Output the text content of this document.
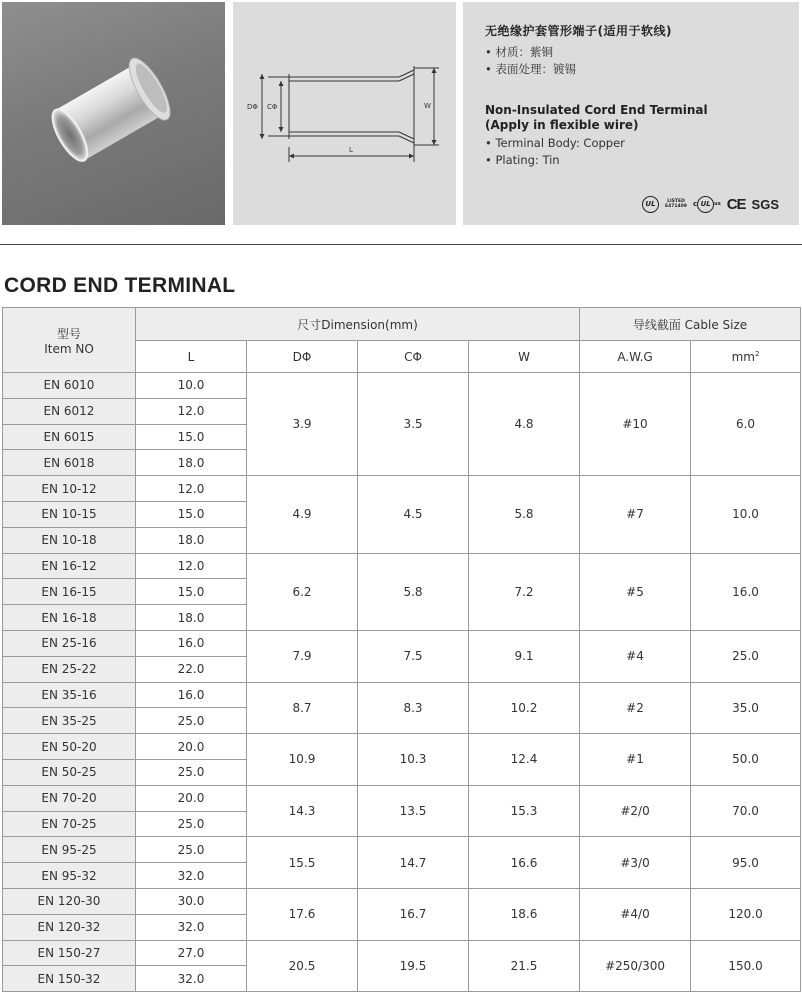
DΦ CΦ	W
L
无绝缘护套管形端子(适用于软线)
• 材质：紫铜
• 表面处理：镀锡
Non-Insulated Cord End Terminal
(Apply in flexible wire)
• Terminal Body: Copper
• Plating: Tin
UL	LISTED
E471409 c UL us CE SGS
CORD END TERMINAL
型号
Item NO	尺寸Dimension(mm)				导线截面 Cable Size	
	L	DΦ	CΦ	W	A.W.G	$mm^2$
EN 6010	10.0	3.9	3.5	4.8	#10	6.0
EN 6012	12.0					
EN 6015	15.0					
EN 6018	18.0					
EN 10-12	12.0	4.9	4.5	5.8	#7	10.0
EN 10-15	15.0					
EN 10-18	18.0					
EN 16-12	12.0	6.2	5.8	7.2	#5	16.0
EN 16-15	15.0					
EN 16-18	18.0					
EN 25-16	16.0	7.9	7.5	9.1	#4	25.0
EN 25-22	22.0					
EN 35-16	16.0	8.7	8.3	10.2	#2	35.0
EN 35-25	25.0					
EN 50-20	20.0	10.9	10.3	12.4	#1	50.0
EN 50-25	25.0					
EN 70-20	20.0	14.3	13.5	15.3	#2/0	70.0
EN 70-25	25.0					
EN 95-25	25.0	15.5	14.7	16.6	#3/0	95.0
EN 95-32	32.0					
EN 120-30	30.0	17.6	16.7	18.6	#4/0	120.0
EN 120-32	32.0					
EN 150-27	27.0	20.5	19.5	21.5	#250/300	150.0
EN 150-32	32.0					
